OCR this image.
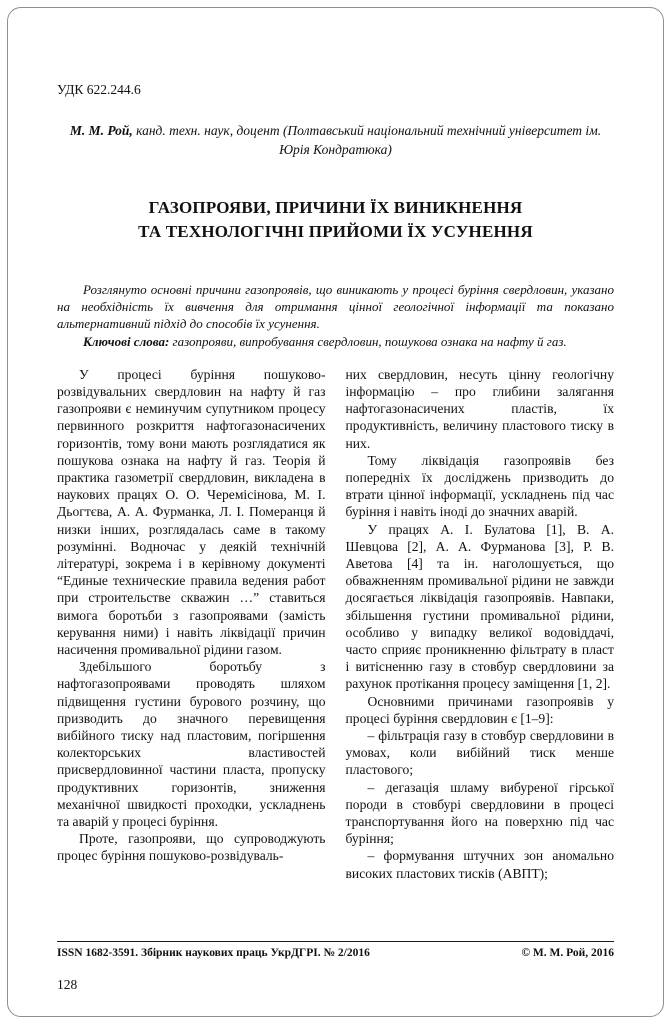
УДК 622.244.6
М. М. Рой, канд. техн. наук, доцент (Полтавський національний технічний університет ім. Юрія Кондратюка)
ГАЗОПРОЯВИ, ПРИЧИНИ ЇХ ВИНИКНЕННЯ
ТА ТЕХНОЛОГІЧНІ ПРИЙОМИ ЇХ УСУНЕННЯ

Розглянуто основні причини газопроявів, що виникають у процесі буріння свердловин, указано на необхідність їх вивчення для отримання цінної геологічної інформації та показано альтернативний підхід до способів їх усунення.

Ключові слова: газопрояви, випробування свердловин, пошукова ознака на нафту й газ.

У процесі буріння пошуково-розвідувальних свердловин на нафту й газ газопрояви є неминучим супутником процесу первинного розкриття нафтогазонасичених горизонтів, тому вони мають розглядатися як пошукова ознака на нафту й газ. Теорія й практика газометрії свердловин, викладена в наукових працях О. О. Черемісінова, М. І. Дьогтєва, А. А. Фурманка, Л. І. Померанця й низки інших, розглядалась саме в такому розумінні. Водночас у деякій технічній літературі, зокрема і в керівному документі “Единые технические правила ведения работ при строительстве скважин …” ставиться вимога боротьби з газопроявами (замість керування ними) і навіть ліквідації причин насичення промивальної рідини газом.

Здебільшого боротьбу з нафтогазопроявами проводять шляхом підвищення густини бурового розчину, що призводить до значного перевищення вибійного тиску над пластовим, погіршення колекторських властивостей присвердловинної частини пласта, пропуску продуктивних горизонтів, зниження механічної швидкості проходки, ускладнень та аварій у процесі буріння.

Проте, газопрояви, що супроводжують процес буріння пошуково-розвідуваль-

них свердловин, несуть цінну геологічну інформацію – про глибини залягання нафтогазонасичених пластів, їх продуктивність, величину пластового тиску в них.

Тому ліквідація газопроявів без попередніх їх досліджень призводить до втрати цінної інформації, ускладнень під час буріння і навіть іноді до значних аварій.

У працях А. І. Булатова [1], В. А. Шевцова [2], А. А. Фурманова [3], Р. В. Аветова [4] та ін. наголошується, що обважненням промивальної рідини не завжди досягається ліквідація газопроявів. Навпаки, збільшення густини промивальної рідини, особливо у випадку великої водовіддачі, часто сприяє проникненню фільтрату в пласт і витісненню газу в стовбур свердловини за рахунок протікання процесу заміщення [1, 2].

Основними причинами газопроявів у процесі буріння свердловин є [1–9]:

– фільтрація газу в стовбур свердловини в умовах, коли вибійний тиск менше пластового;

– дегазація шламу вибуреної гірської породи в стовбурі свердловини в процесі транспортування його на поверхню під час буріння;

– формування штучних зон аномально високих пластових тисків (АВПТ);

ISSN 1682-3591. Збірник наукових праць УкрДГРІ. № 2/2016	© М. М. Рой, 2016
128
